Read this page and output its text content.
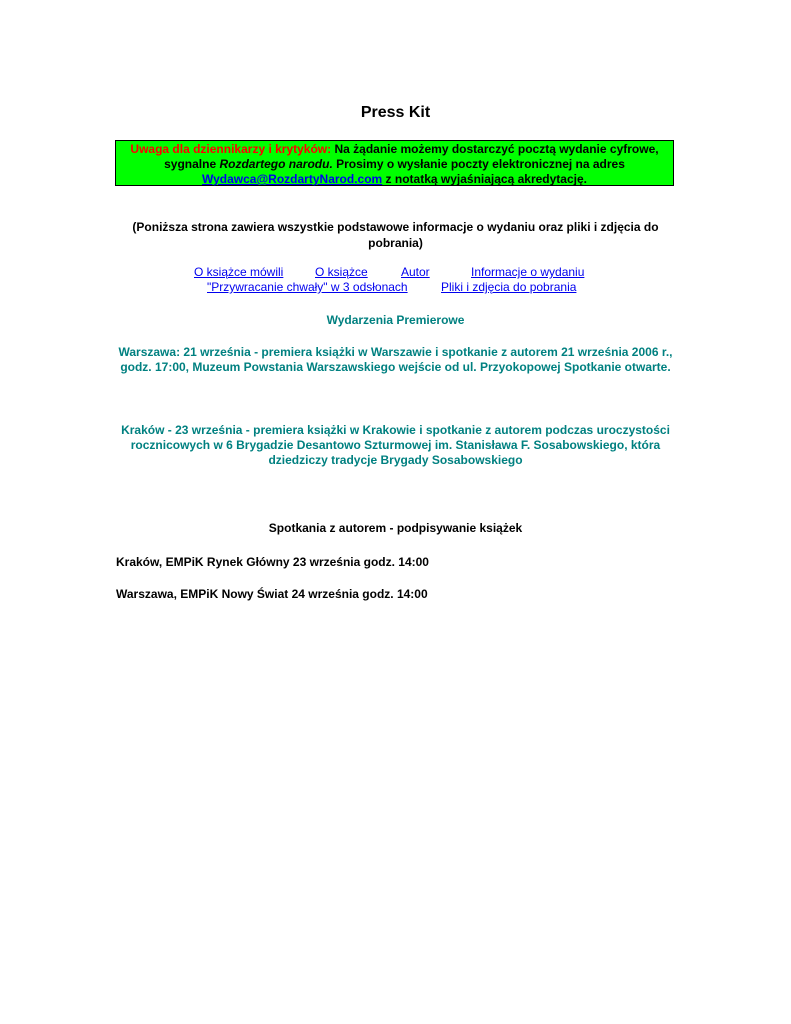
Press Kit
Uwaga dla dziennikarzy i krytyków: Na żądanie możemy dostarczyć pocztą wydanie cyfrowe, sygnalne Rozdartego narodu. Prosimy o wysłanie poczty elektronicznej na adres Wydawca@RozdartyNarod.com z notatką wyjaśniającą akredytację.
(Poniższa strona zawiera wszystkie podstawowe informacje o wydaniu oraz pliki i zdjęcia do pobrania)
O książce mówili	O książce	Autor	Informacje o wydaniu
"Przywracanie chwały" w 3 odsłonach	Pliki i zdjęcia do pobrania
Wydarzenia Premierowe
Warszawa: 21 września - premiera książki w Warszawie i spotkanie z autorem 21 września 2006 r., godz. 17:00, Muzeum Powstania Warszawskiego wejście od ul. Przyokopowej Spotkanie otwarte.
Kraków - 23 września - premiera książki w Krakowie i spotkanie z autorem podczas uroczystości rocznicowych w 6 Brygadzie Desantowo Szturmowej im. Stanisława F. Sosabowskiego, która dziedziczy tradycje Brygady Sosabowskiego
Spotkania z autorem - podpisywanie książek
Kraków, EMPiK Rynek Główny 23 września godz. 14:00
Warszawa, EMPiK Nowy Świat 24 września godz. 14:00
